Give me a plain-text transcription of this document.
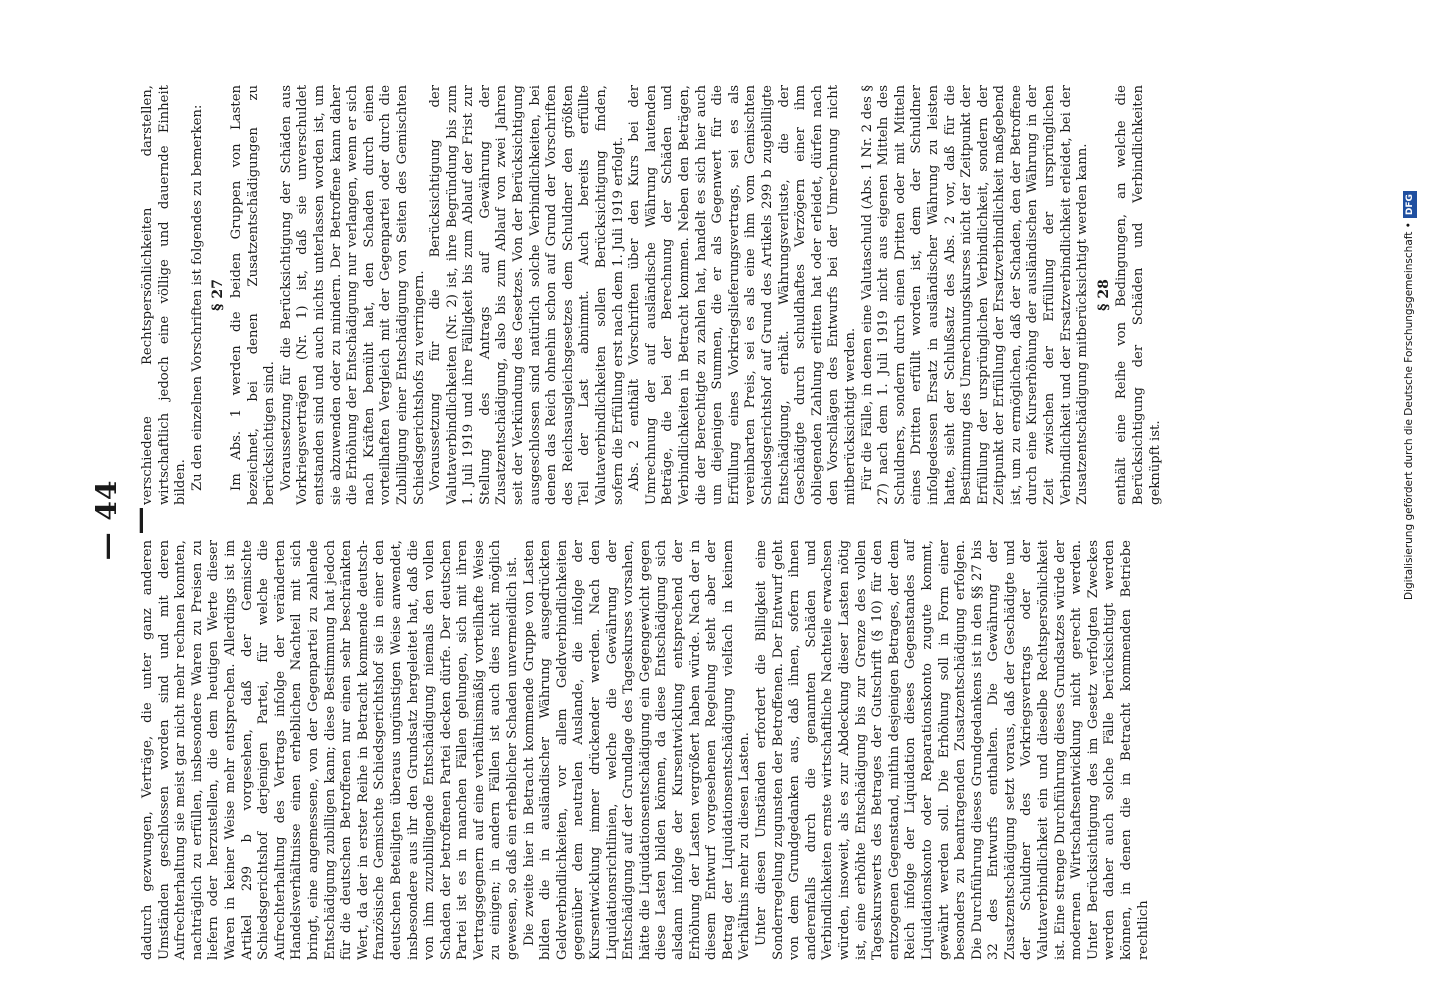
— 44 —

dadurch gezwungen, Verträge, die unter ganz anderen Umständen geschlossen worden sind und mit deren Aufrechterhaltung sie meist gar nicht mehr rechnen konnten, nachträglich zu erfüllen, insbesondere Waren zu Preisen zu liefern oder herzustellen, die dem heutigen Werte dieser Waren in keiner Weise mehr entsprechen. Allerdings ist im Artikel 299 b vorgesehen, daß der Gemischte Schiedsgerichtshof derjenigen Partei, für welche die Aufrechterhaltung des Vertrags infolge der veränderten Handelsverhältnisse einen erheblichen Nachteil mit sich bringt, eine angemessene, von der Gegenpartei zu zahlende Entschädigung zubilligen kann; diese Bestimmung hat jedoch für die deutschen Betroffenen nur einen sehr beschränkten Wert, da der in erster Reihe in Betracht kommende deutsch-französische Gemischte Schiedsgerichtshof sie in einer den deutschen Beteiligten überaus ungünstigen Weise anwendet, insbesondere aus ihr den Grundsatz hergeleitet hat, daß die von ihm zuzubilligende Entschädigung niemals den vollen Schaden der betroffenen Partei decken dürfe. Der deutschen Partei ist es in manchen Fällen gelungen, sich mit ihren Vertragsgegnern auf eine verhältnismäßig vorteilhafte Weise zu einigen; in andern Fällen ist auch dies nicht möglich gewesen, so daß ein erheblicher Schaden unvermeidlich ist. Die zweite hier in Betracht kommende Gruppe von Lasten bilden die in ausländischer Währung ausgedrückten Geldverbindlichkeiten, vor allem Geldverbindlichkeiten gegenüber dem neutralen Auslande, die infolge der Kursentwicklung immer drückender werden. Nach den Liquidationsrichtlinien, welche die Gewährung der Entschädigung auf der Grundlage des Tageskurses vorsahen, hätte die Liquidationsentschädigung ein Gegengewicht gegen diese Lasten bilden können, da diese Entschädigung sich alsdann infolge der Kursentwicklung entsprechend der Erhöhung der Lasten vergrößert haben würde. Nach der in diesem Entwurf vorgesehenen Regelung steht aber der Betrag der Liquidationsentschädigung vielfach in keinem Verhältnis mehr zu diesen Lasten. Unter diesen Umständen erfordert die Billigkeit eine Sonderregelung zugunsten der Betroffenen. Der Entwurf geht von dem Grundgedanken aus, daß ihnen, sofern ihnen anderenfalls durch die genannten Schäden und Verbindlichkeiten ernste wirtschaftliche Nachteile erwachsen würden, insoweit, als es zur Abdeckung dieser Lasten nötig ist, eine erhöhte Entschädigung bis zur Grenze des vollen Tageskurswerts des Betrages der Gutschrift (§ 10) für den entzogenen Gegenstand, mithin desjenigen Betrages, der dem Reich infolge der Liquidation dieses Gegenstandes auf Liquidationskonto oder Reparationskonto zugute kommt, gewährt werden soll. Die Erhöhung soll in Form einer besonders zu beantragenden Zusatzentschädigung erfolgen. Die Durchführung dieses Grundgedankens ist in den §§ 27 bis 32 des Entwurfs enthalten. Die Gewährung der Zusatzentschädigung setzt voraus, daß der Geschädigte und der Schuldner des Vorkriegsvertrags oder der Valutaverbindlichkeit ein und dieselbe Rechtspersönlichkeit ist. Eine strenge Durchführung dieses Grundsatzes würde der modernen Wirtschaftsentwicklung nicht gerecht werden. Unter Berücksichtigung des im Gesetz verfolgten Zweckes werden daher auch solche Fälle berücksichtigt werden können, in denen die in Betracht kommenden Betriebe rechtlich

verschiedene Rechtspersönlichkeiten darstellen, wirtschaftlich jedoch eine völlige und dauernde Einheit bilden. Zu den einzelnen Vorschriften ist folgendes zu bemerken: § 27 Im Abs. 1 werden die beiden Gruppen von Lasten bezeichnet, bei denen Zusatzentschädigungen zu berücksichtigen sind. Voraussetzung für die Berücksichtigung der Schäden aus Vorkriegsverträgen (Nr. 1) ist, daß sie unverschuldet entstanden sind und auch nichts unterlassen worden ist, um sie abzuwenden oder zu mindern. Der Betroffene kann daher die Erhöhung der Entschädigung nur verlangen, wenn er sich nach Kräften bemüht hat, den Schaden durch einen vorteilhaften Vergleich mit der Gegenpartei oder durch die Zubilligung einer Entschädigung von Seiten des Gemischten Schiedsgerichtshofs zu verringern. Voraussetzung für die Berücksichtigung der Valutaverbindlichkeiten (Nr. 2) ist, ihre Begründung bis zum 1. Juli 1919 und ihre Fälligkeit bis zum Ablauf der Frist zur Stellung des Antrags auf Gewährung der Zusatzentschädigung, also bis zum Ablauf von zwei Jahren seit der Verkündung des Gesetzes. Von der Berücksichtigung ausgeschlossen sind natürlich solche Verbindlichkeiten, bei denen das Reich ohnehin schon auf Grund der Vorschriften des Reichsausgleichsgesetzes dem Schuldner den größten Teil der Last abnimmt. Auch bereits erfüllte Valutaverbindlichkeiten sollen Berücksichtigung finden, sofern die Erfüllung erst nach dem 1. Juli 1919 erfolgt. Abs. 2 enthält Vorschriften über den Kurs bei der Umrechnung der auf ausländische Währung lautenden Beträge, die bei der Berechnung der Schäden und Verbindlichkeiten in Betracht kommen. Neben den Beträgen, die der Berechtigte zu zahlen hat, handelt es sich hier auch um diejenigen Summen, die er als Gegenwert für die Erfüllung eines Vorkriegslieferungsvertrags, sei es als vereinbarten Preis, sei es als eine ihm vom Gemischten Schiedsgerichtshof auf Grund des Artikels 299 b zugebilligte Entschädigung, erhält. Währungsverluste, die der Geschädigte durch schuldhaftes Verzögern einer ihm obliegenden Zahlung erlitten hat oder erleidet, dürfen nach den Vorschlägen des Entwurfs bei der Umrechnung nicht mitberücksichtigt werden. Für die Fälle, in denen eine Valutaschuld (Abs. 1 Nr. 2 des § 27) nach dem 1. Juli 1919 nicht aus eigenen Mitteln des Schuldners, sondern durch einen Dritten oder mit Mitteln eines Dritten erfüllt worden ist, dem der Schuldner infolgedessen Ersatz in ausländischer Währung zu leisten hatte, sieht der Schlußsatz des Abs. 2 vor, daß für die Bestimmung des Umrechnungskurses nicht der Zeitpunkt der Erfüllung der ursprünglichen Verbindlichkeit, sondern der Zeitpunkt der Erfüllung der Ersatzverbindlichkeit maßgebend ist, um zu ermöglichen, daß der Schaden, den der Betroffene durch eine Kurserhöhung der ausländischen Währung in der Zeit zwischen der Erfüllung der ursprünglichen Verbindlichkeit und der Ersatzverbindlichkeit erleidet, bei der Zusatzentschädigung mitberücksichtigt werden kann. § 28 enthält eine Reihe von Bedingungen, an welche die Berücksichtigung der Schäden und Verbindlichkeiten geknüpft ist.	Digitalisierung gefördert durch die Deutsche Forschungsgemeinschaft •DFG
